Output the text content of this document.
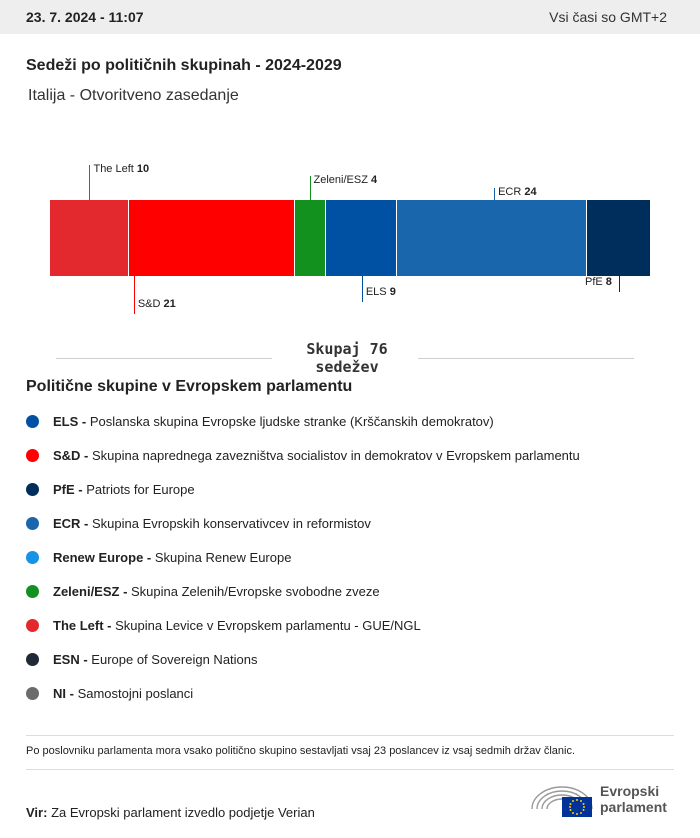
23. 7. 2024 - 11:07	Vsi časi so GMT+2
Sedeži po političnih skupinah - 2024-2029
Italija - Otvoritveno zasedanje
The Left 10
S&D 21
Zeleni/ESZ 4
ELS 9
ECR 24
PfE 8
Skupaj 76
sedežev
Politične skupine v Evropskem parlamentu
ELS - Poslanska skupina Evropske ljudske stranke (Krščanskih demokratov)
S&D - Skupina naprednega zavezništva socialistov in demokratov v Evropskem parlamentu
PfE - Patriots for Europe
ECR - Skupina Evropskih konservativcev in reformistov
Renew Europe - Skupina Renew Europe
Zeleni/ESZ - Skupina Zelenih/Evropske svobodne zveze
The Left - Skupina Levice v Evropskem parlamentu - GUE/NGL
ESN - Europe of Sovereign Nations
NI - Samostojni poslanci
Po poslovniku parlamenta mora vsako politično skupino sestavljati vsaj 23 poslancev iz vsaj sedmih držav članic.
Vir: Za Evropski parlament izvedlo podjetje Verian
Evropski
parlament
